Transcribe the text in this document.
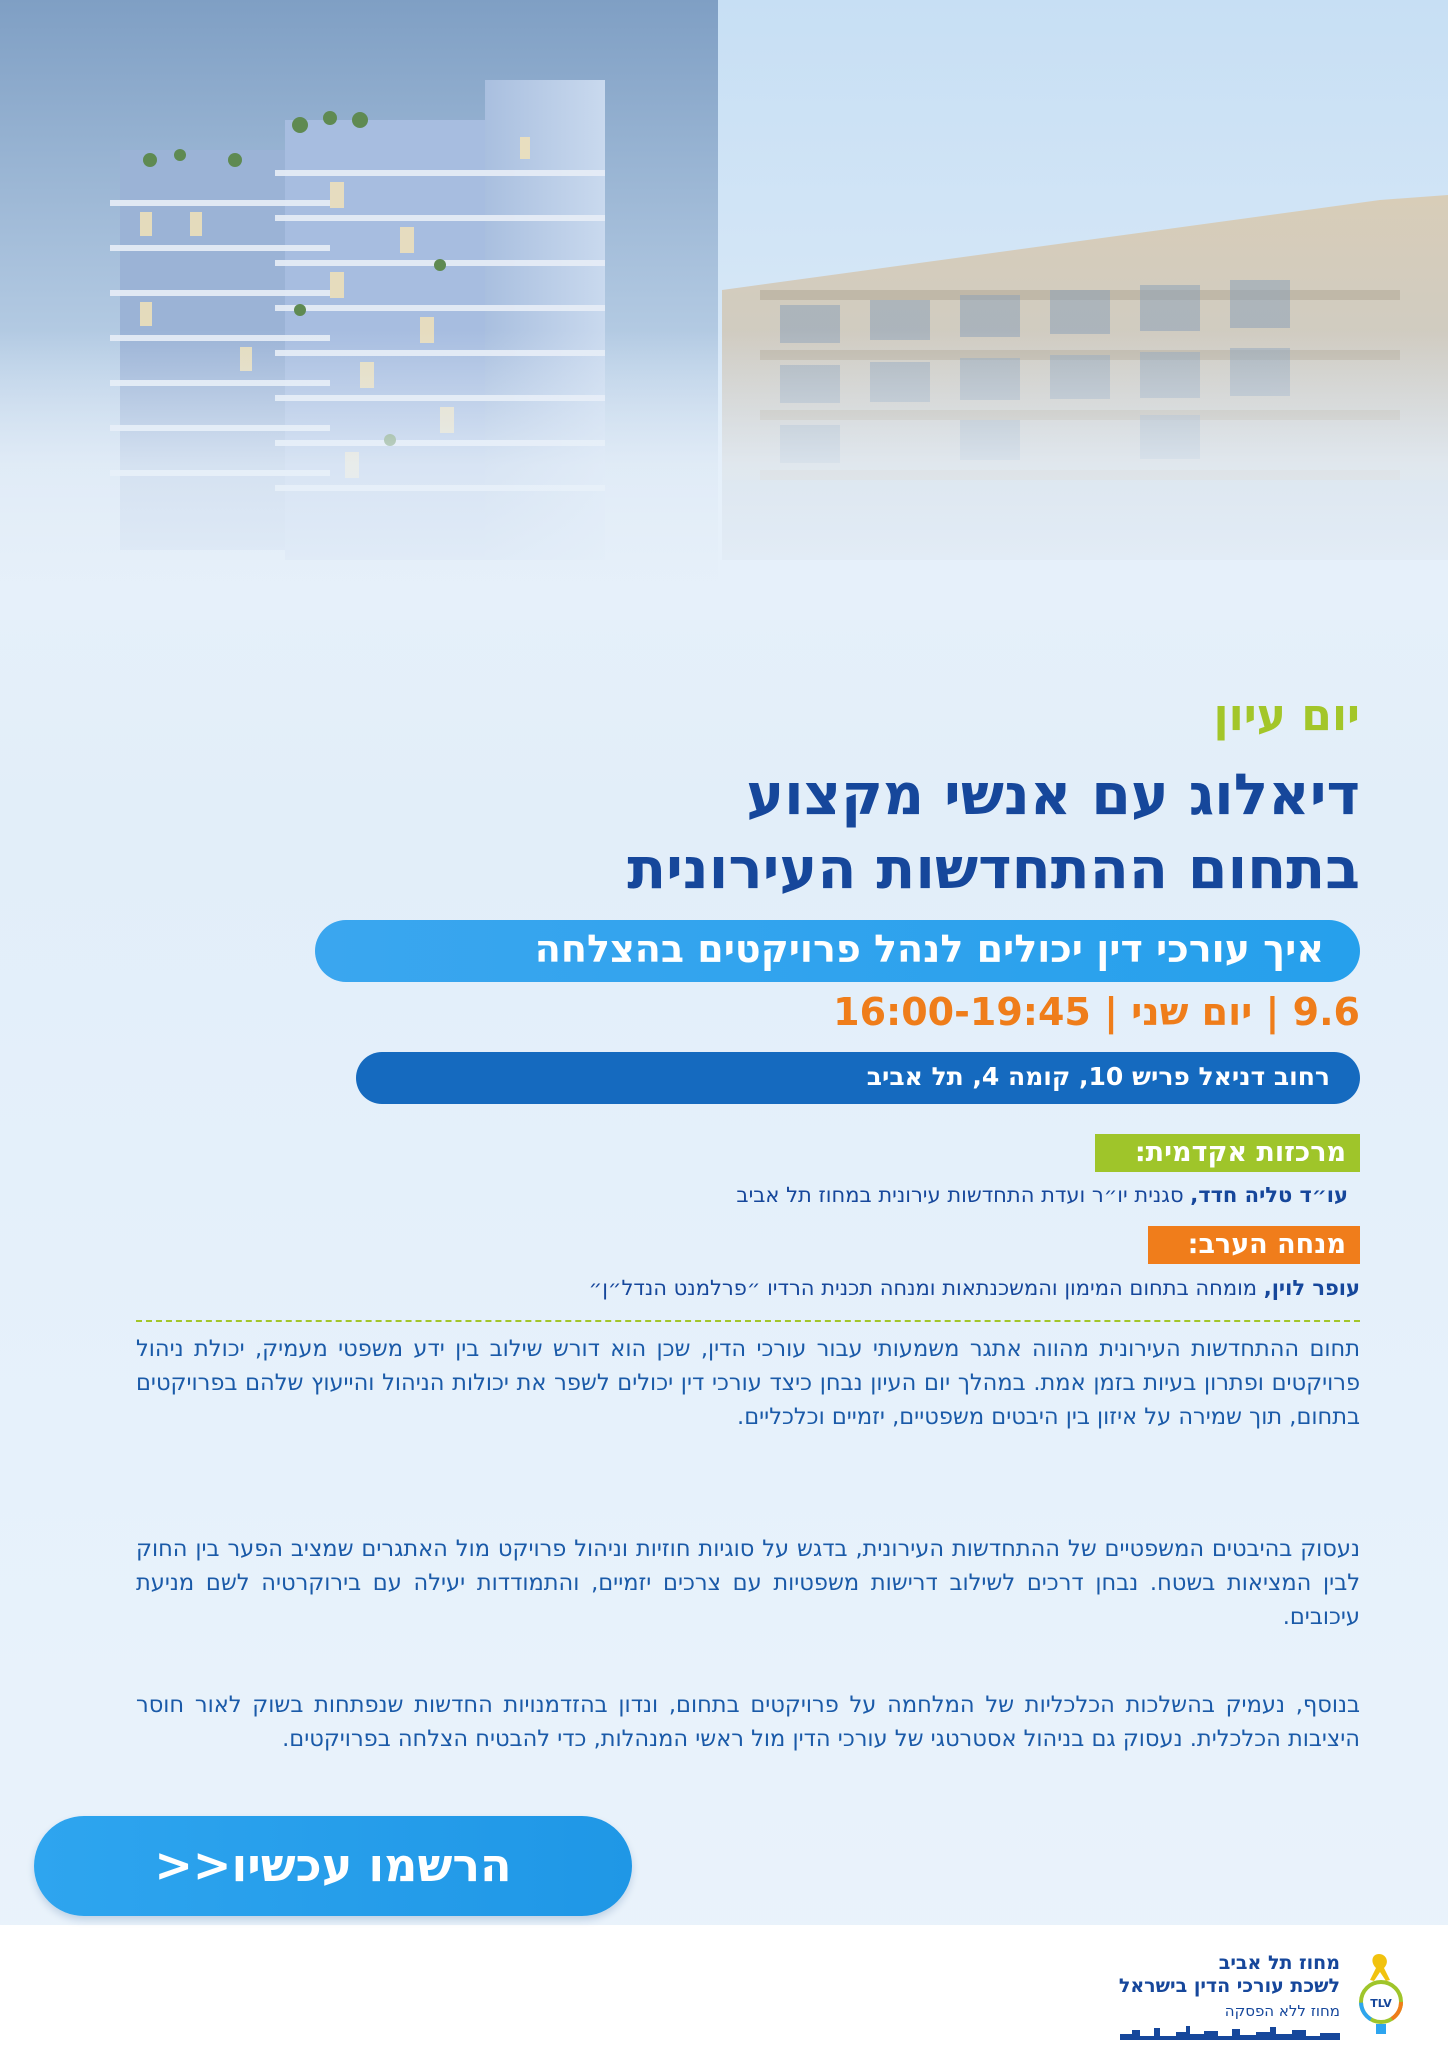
יום עיון
דיאלוג עם אנשי מקצוע
בתחום ההתחדשות העירונית
איך עורכי דין יכולים לנהל פרויקטים בהצלחה
9.6 | יום שני | 16:00-19:45
רחוב דניאל פריש 10, קומה 4, תל אביב
מרכזות אקדמית:
עו״ד טליה חדד, סגנית יו״ר ועדת התחדשות עירונית במחוז תל אביב
מנחה הערב:
עופר לוין, מומחה בתחום המימון והמשכנתאות ומנחה תכנית הרדיו ״פרלמנט הנדל״ן״

תחום ההתחדשות העירונית מהווה אתגר משמעותי עבור עורכי הדין, שכן הוא דורש שילוב בין ידע משפטי מעמיק, יכולת ניהול פרויקטים ופתרון בעיות בזמן אמת. במהלך יום העיון נבחן כיצד עורכי דין יכולים לשפר את יכולות הניהול והייעוץ שלהם בפרויקטים בתחום, תוך שמירה על איזון בין היבטים משפטיים, יזמיים וכלכליים.

נעסוק בהיבטים המשפטיים של ההתחדשות העירונית, בדגש על סוגיות חוזיות וניהול פרויקט מול האתגרים שמציב הפער בין החוק לבין המציאות בשטח. נבחן דרכים לשילוב דרישות משפטיות עם צרכים יזמיים, והתמודדות יעילה עם בירוקרטיה לשם מניעת עיכובים.

בנוסף, נעמיק בהשלכות הכלכליות של המלחמה על פרויקטים בתחום, ונדון בהזדמנויות החדשות שנפתחות בשוק לאור חוסר היציבות הכלכלית. נעסוק גם בניהול אסטרטגי של עורכי הדין מול ראשי המנהלות, כדי להבטיח הצלחה בפרויקטים.

הרשמו עכשיו<<
מחוז תל אביב
לשכת עורכי הדין בישראל
מחוז ללא הפסקה	TLV
